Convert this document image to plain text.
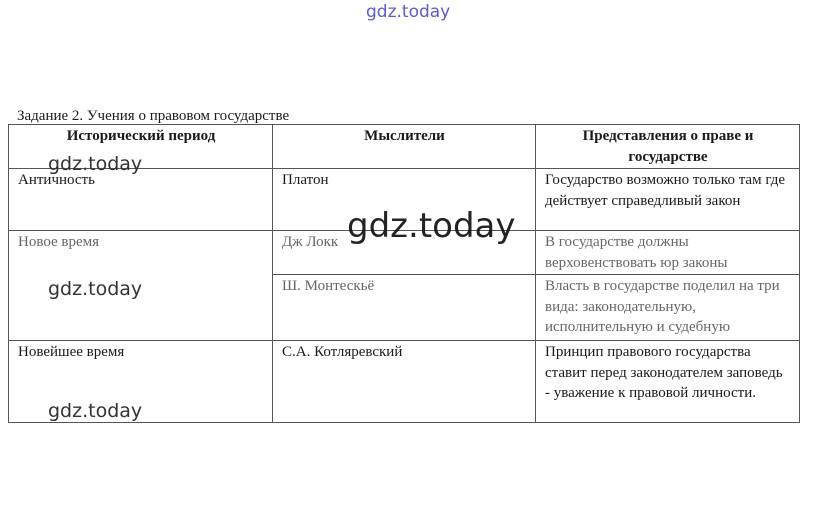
gdz.today
Задание 2. Учения о правовом государстве
Исторический период	Мыслители	Представления о праве и государстве
Античность	Платон	Государство возможно только там где действует справедливый закон
Новое время	Дж Локк	В государстве должны верховенствовать юр законы
	Ш. Монтескьё	Власть в государстве поделил на три вида: законодательную, исполнительную и судебную
Новейшее время	С.А. Котляревский	Принцип правового государства ставит перед законодателем заповедь - уважение к правовой личности.
gdz.today
gdz.today
gdz.today
gdz.today
